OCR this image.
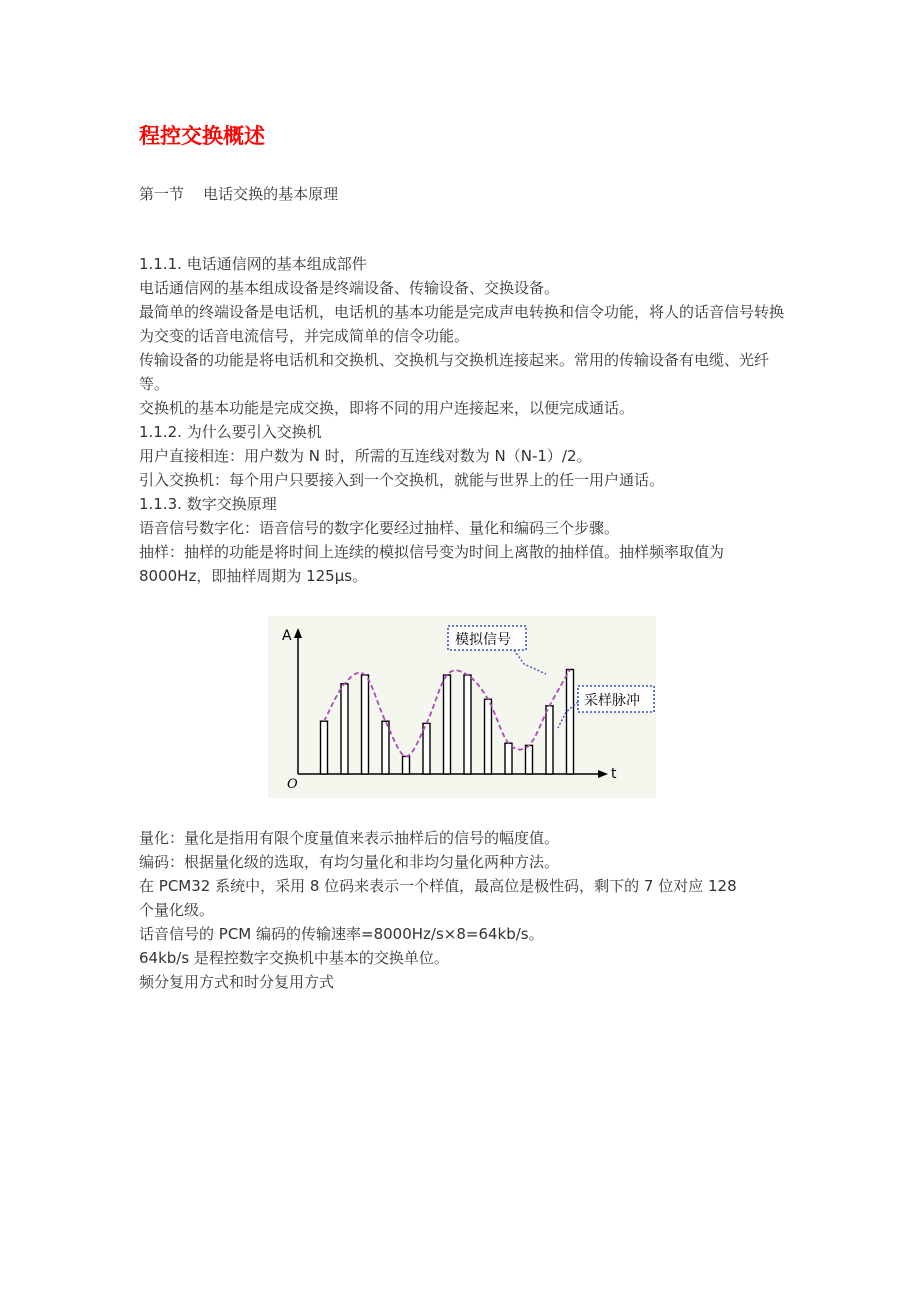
程控交换概述
第一节    电话交换的基本原理

1.1.1. 电话通信网的基本组成部件

电话通信网的基本组成设备是终端设备、传输设备、交换设备。

最简单的终端设备是电话机，电话机的基本功能是完成声电转换和信令功能，将人的话音信号转换为交变的话音电流信号，并完成简单的信令功能。

传输设备的功能是将电话机和交换机、交换机与交换机连接起来。常用的传输设备有电缆、光纤等。

交换机的基本功能是完成交换，即将不同的用户连接起来，以便完成通话。

1.1.2. 为什么要引入交换机

用户直接相连：用户数为 N 时，所需的互连线对数为 N（N-1）/2。

引入交换机：每个用户只要接入到一个交换机，就能与世界上的任一用户通话。

1.1.3. 数字交换原理

语音信号数字化：语音信号的数字化要经过抽样、量化和编码三个步骤。

抽样：抽样的功能是将时间上连续的模拟信号变为时间上离散的抽样值。抽样频率取值为 8000Hz，即抽样周期为 125μs。

A
t
O
模拟信号
采样脉冲

量化：量化是指用有限个度量值来表示抽样后的信号的幅度值。

编码：根据量化级的选取，有均匀量化和非均匀量化两种方法。

在 PCM32 系统中，采用 8 位码来表示一个样值，最高位是极性码，剩下的 7 位对应 128

个量化级。

话音信号的 PCM 编码的传输速率=8000Hz/s×8=64kb/s。

64kb/s 是程控数字交换机中基本的交换单位。

频分复用方式和时分复用方式
